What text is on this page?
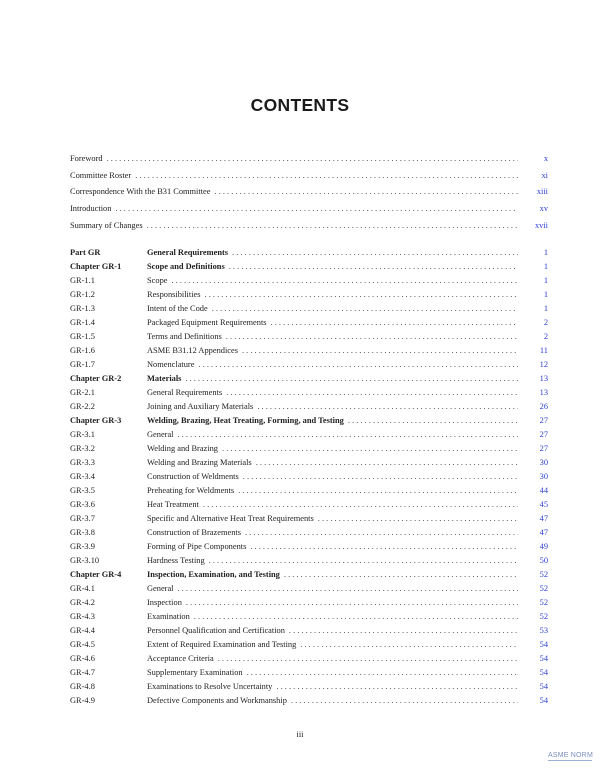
CONTENTS
Foreword . . .	x
Committee Roster . . .	xi
Correspondence With the B31 Committee . . .	xiii
Introduction . . .	xv
Summary of Changes . . .	xvii
Part GR	General Requirements . . .	1
Chapter GR-1	Scope and Definitions . . .	1
GR-1.1	Scope . . .	1
GR-1.2	Responsibilities . . .	1
GR-1.3	Intent of the Code . . .	1
GR-1.4	Packaged Equipment Requirements . . .	2
GR-1.5	Terms and Definitions . . .	2
GR-1.6	ASME B31.12 Appendices . . .	11
GR-1.7	Nomenclature . . .	12
Chapter GR-2	Materials . . .	13
GR-2.1	General Requirements . . .	13
GR-2.2	Joining and Auxiliary Materials . . .	26
Chapter GR-3	Welding, Brazing, Heat Treating, Forming, and Testing . . .	27
GR-3.1	General . . .	27
GR-3.2	Welding and Brazing . . .	27
GR-3.3	Welding and Brazing Materials . . .	30
GR-3.4	Construction of Weldments . . .	30
GR-3.5	Preheating for Weldments . . .	44
GR-3.6	Heat Treatment . . .	45
GR-3.7	Specific and Alternative Heat Treat Requirements . . .	47
GR-3.8	Construction of Brazements . . .	47
GR-3.9	Forming of Pipe Components . . .	49
GR-3.10	Hardness Testing . . .	50
Chapter GR-4	Inspection, Examination, and Testing . . .	52
GR-4.1	General . . .	52
GR-4.2	Inspection . . .	52
GR-4.3	Examination . . .	52
GR-4.4	Personnel Qualification and Certification . . .	53
GR-4.5	Extent of Required Examination and Testing . . .	54
GR-4.6	Acceptance Criteria . . .	54
GR-4.7	Supplementary Examination . . .	54
GR-4.8	Examinations to Resolve Uncertainty . . .	54
GR-4.9	Defective Components and Workmanship . . .	54
iii
ASME NORM
